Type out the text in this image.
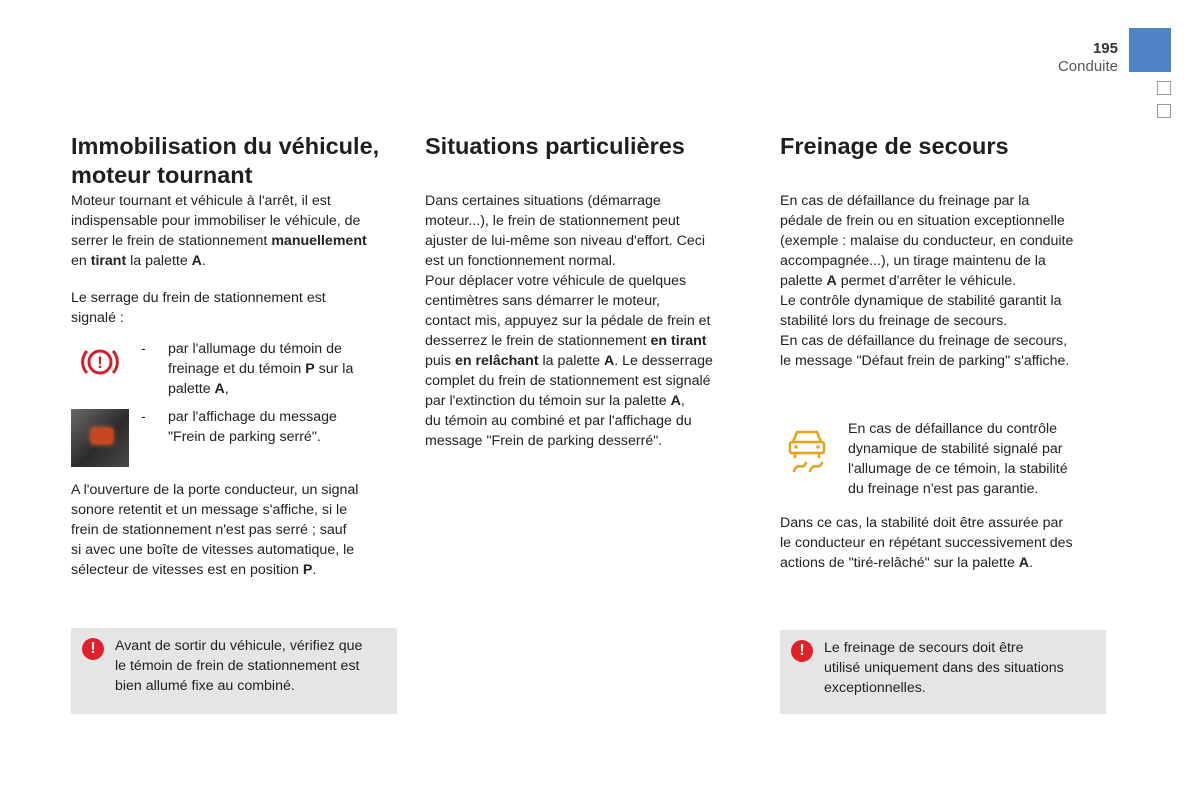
195
Conduite
Immobilisation du véhicule,
moteur tournant
Moteur tournant et véhicule à l'arrêt, il est
indispensable pour immobiliser le véhicule, de
serrer le frein de stationnement manuellement
en tirant la palette A.
Le serrage du frein de stationnement est
signalé :
!
- par l'allumage du témoin de
freinage et du témoin P sur la
palette A,
- par l'affichage du message
"Frein de parking serré".
A l'ouverture de la porte conducteur, un signal
sonore retentit et un message s'affiche, si le
frein de stationnement n'est pas serré ; sauf
si avec une boîte de vitesses automatique, le
sélecteur de vitesses est en position P.
!	Avant de sortir du véhicule, vérifiez que
le témoin de frein de stationnement est
bien allumé fixe au combiné.
Situations particulières
Dans certaines situations (démarrage
moteur...), le frein de stationnement peut
ajuster de lui-même son niveau d'effort. Ceci
est un fonctionnement normal.
Pour déplacer votre véhicule de quelques
centimètres sans démarrer le moteur,
contact mis, appuyez sur la pédale de frein et
desserrez le frein de stationnement en tirant
puis en relâchant la palette A. Le desserrage
complet du frein de stationnement est signalé
par l'extinction du témoin sur la palette A,
du témoin au combiné et par l'affichage du
message "Frein de parking desserré".
Freinage de secours
En cas de défaillance du freinage par la
pédale de frein ou en situation exceptionnelle
(exemple : malaise du conducteur, en conduite
accompagnée...), un tirage maintenu de la
palette A permet d'arrêter le véhicule.
Le contrôle dynamique de stabilité garantit la
stabilité lors du freinage de secours.
En cas de défaillance du freinage de secours,
le message "Défaut frein de parking" s'affiche.
En cas de défaillance du contrôle
dynamique de stabilité signalé par
l'allumage de ce témoin, la stabilité
du freinage n'est pas garantie.
Dans ce cas, la stabilité doit être assurée par
le conducteur en répétant successivement des
actions de "tiré-relâché" sur la palette A.
!	Le freinage de secours doit être
utilisé uniquement dans des situations
exceptionnelles.
